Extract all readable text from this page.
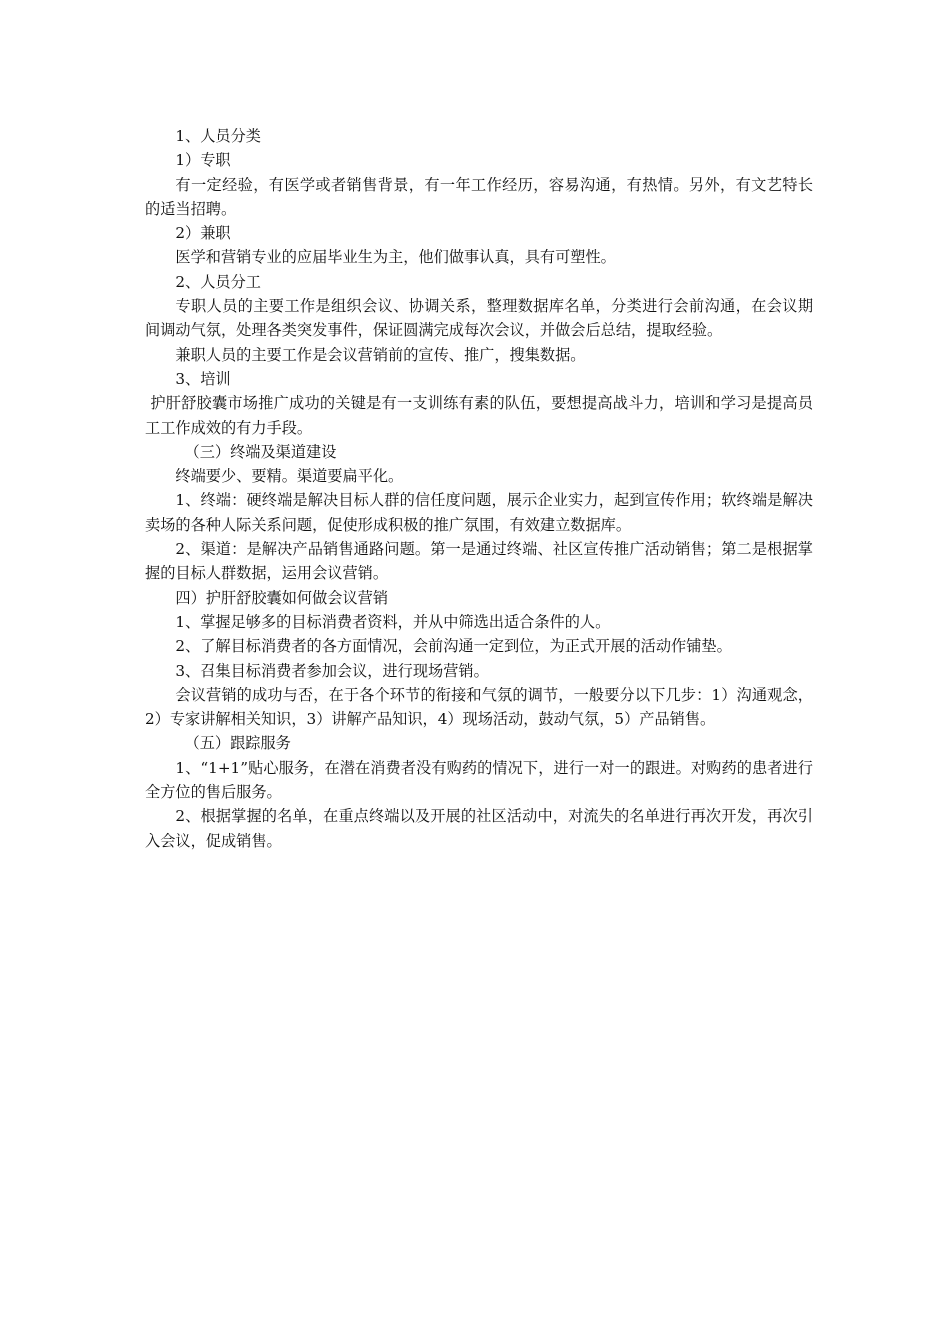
1、人员分类

1）专职

有一定经验，有医学或者销售背景，有一年工作经历，容易沟通，有热情。另外，有文艺特长的适当招聘。

2）兼职

医学和营销专业的应届毕业生为主，他们做事认真，具有可塑性。

2、人员分工

专职人员的主要工作是组织会议、协调关系，整理数据库名单，分类进行会前沟通，在会议期间调动气氛，处理各类突发事件，保证圆满完成每次会议，并做会后总结，提取经验。

兼职人员的主要工作是会议营销前的宣传、推广，搜集数据。

3、培训

护肝舒胶囊市场推广成功的关键是有一支训练有素的队伍，要想提高战斗力，培训和学习是提高员工工作成效的有力手段。

（三）终端及渠道建设

终端要少、要精。渠道要扁平化。

1、终端：硬终端是解决目标人群的信任度问题，展示企业实力，起到宣传作用；软终端是解决卖场的各种人际关系问题，促使形成积极的推广氛围，有效建立数据库。

2、渠道：是解决产品销售通路问题。第一是通过终端、社区宣传推广活动销售；第二是根据掌握的目标人群数据，运用会议营销。

四）护肝舒胶囊如何做会议营销

1、掌握足够多的目标消费者资料，并从中筛选出适合条件的人。

2、了解目标消费者的各方面情况，会前沟通一定到位，为正式开展的活动作铺垫。

3、召集目标消费者参加会议，进行现场营销。

会议营销的成功与否，在于各个环节的衔接和气氛的调节，一般要分以下几步：1）沟通观念，2）专家讲解相关知识，3）讲解产品知识，4）现场活动，鼓动气氛，5）产品销售。

（五）跟踪服务

1、“1+1”贴心服务，在潜在消费者没有购药的情况下，进行一对一的跟进。对购药的患者进行全方位的售后服务。

2、根据掌握的名单，在重点终端以及开展的社区活动中，对流失的名单进行再次开发，再次引入会议，促成销售。
